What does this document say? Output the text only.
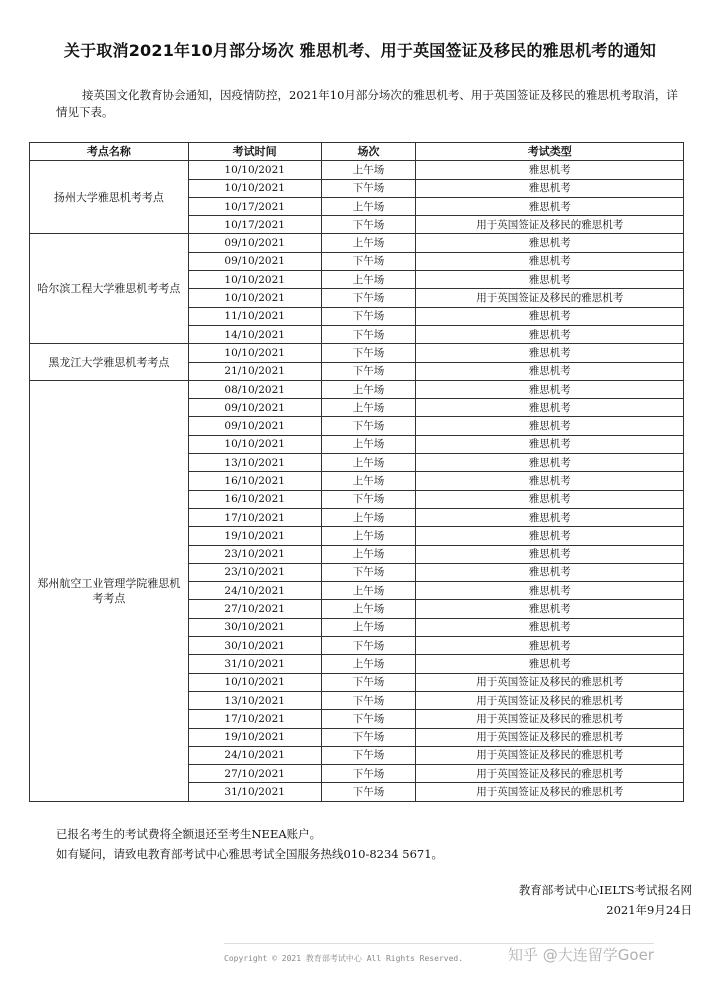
关于取消2021年10月部分场次 雅思机考、用于英国签证及移民的雅思机考的通知
接英国文化教育协会通知，因疫情防控，2021年10月部分场次的雅思机考、用于英国签证及移民的雅思机考取消，详情见下表。
考点名称	考试时间	场次	考试类型
扬州大学雅思机考考点	10/10/2021	上午场	雅思机考
	10/10/2021	下午场	雅思机考
	10/17/2021	上午场	雅思机考
	10/17/2021	下午场	用于英国签证及移民的雅思机考
哈尔滨工程大学雅思机考考点	09/10/2021	上午场	雅思机考
	09/10/2021	下午场	雅思机考
	10/10/2021	上午场	雅思机考
	10/10/2021	下午场	用于英国签证及移民的雅思机考
	11/10/2021	下午场	雅思机考
	14/10/2021	下午场	雅思机考
黑龙江大学雅思机考考点	10/10/2021	下午场	雅思机考
	21/10/2021	下午场	雅思机考
郑州航空工业管理学院雅思机考考点	08/10/2021	上午场	雅思机考
	09/10/2021	上午场	雅思机考
	09/10/2021	下午场	雅思机考
	10/10/2021	上午场	雅思机考
	13/10/2021	上午场	雅思机考
	16/10/2021	上午场	雅思机考
	16/10/2021	下午场	雅思机考
	17/10/2021	上午场	雅思机考
	19/10/2021	上午场	雅思机考
	23/10/2021	上午场	雅思机考
	23/10/2021	下午场	雅思机考
	24/10/2021	上午场	雅思机考
	27/10/2021	上午场	雅思机考
	30/10/2021	上午场	雅思机考
	30/10/2021	下午场	雅思机考
	31/10/2021	上午场	雅思机考
	10/10/2021	下午场	用于英国签证及移民的雅思机考
	13/10/2021	下午场	用于英国签证及移民的雅思机考
	17/10/2021	下午场	用于英国签证及移民的雅思机考
	19/10/2021	下午场	用于英国签证及移民的雅思机考
	24/10/2021	下午场	用于英国签证及移民的雅思机考
	27/10/2021	下午场	用于英国签证及移民的雅思机考
	31/10/2021	下午场	用于英国签证及移民的雅思机考
已报名考生的考试费将全额退还至考生NEEA账户。
如有疑问，请致电教育部考试中心雅思考试全国服务热线010-8234 5671。
教育部考试中心IELTS考试报名网
2021年9月24日
Copyright © 2021 教育部考试中心 All Rights Reserved.	知乎 @大连留学Goer
